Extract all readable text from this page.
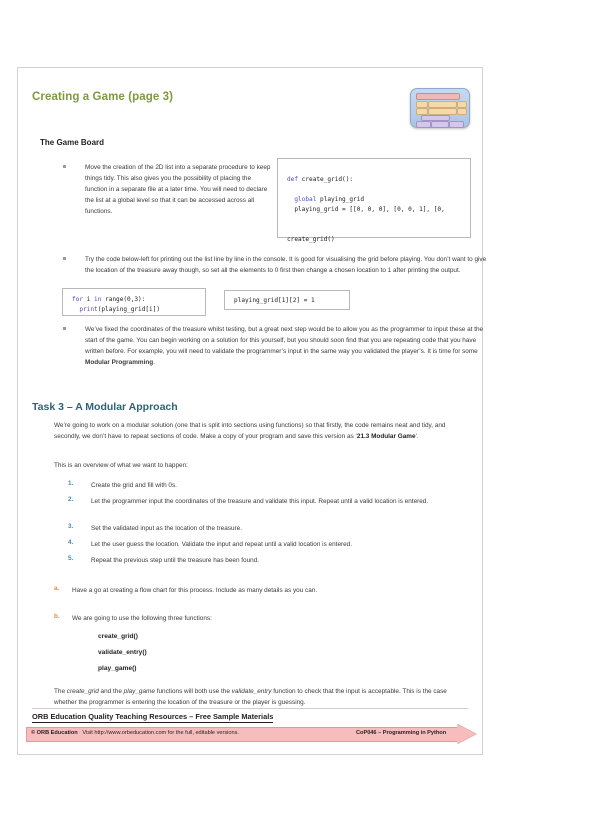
Creating a Game (page 3)
The Game Board
Move the creation of the 2D list into a separate procedure to keep things tidy. This also gives you the possibility of placing the function in a separate file at a later time. You will need to declare the list at a global level so that it can be accessed across all functions.

def create_grid():

global playing_grid
playing_grid = [[0, 0, 0], [0, 0, 1], [0,

create_grid()
Try the code below-left for printing out the list line by line in the console. It is good for visualising the grid before playing. You don’t want to give the location of the treasure away though, so set all the elements to 0 first then change a chosen location to 1 after printing the output.
for i in range(0,3):
print(playing_grid[i])
playing_grid[1][2] = 1
We’ve fixed the coordinates of the treasure whilst testing, but a great next step would be to allow you as the programmer to input these at the start of the game. You can begin working on a solution for this yourself, but you should soon find that you are repeating code that you have written before. For example, you will need to validate the programmer’s input in the same way you validated the player’s. It is time for some Modular Programming.
Task 3 – A Modular Approach
We’re going to work on a modular solution (one that is split into sections using functions) so that firstly, the code remains neat and tidy, and secondly, we don’t have to repeat sections of code. Make a copy of your program and save this version as ‘21.3 Modular Game’.
This is an overview of what we want to happen:
1.	Create the grid and fill with 0s.
2.	Let the programmer input the coordinates of the treasure and validate this input. Repeat until a valid location is entered.
3.	Set the validated input as the location of the treasure.
4.	Let the user guess the location. Validate the input and repeat until a valid location is entered.
5.	Repeat the previous step until the treasure has been found.
a. Have a go at creating a flow chart for this process. Include as many details as you can.
b. We are going to use the following three functions:
create_grid()
validate_entry()
play_game()
The create_grid and the play_game functions will both use the validate_entry function to check that the input is acceptable. This is the case whether the programmer is entering the location of the treasure or the player is guessing.
ORB Education Quality Teaching Resources – Free Sample Materials
© ORB Education Visit http://www.orbeducation.com for the full, editable versions.	CoP046 – Programming in Python
